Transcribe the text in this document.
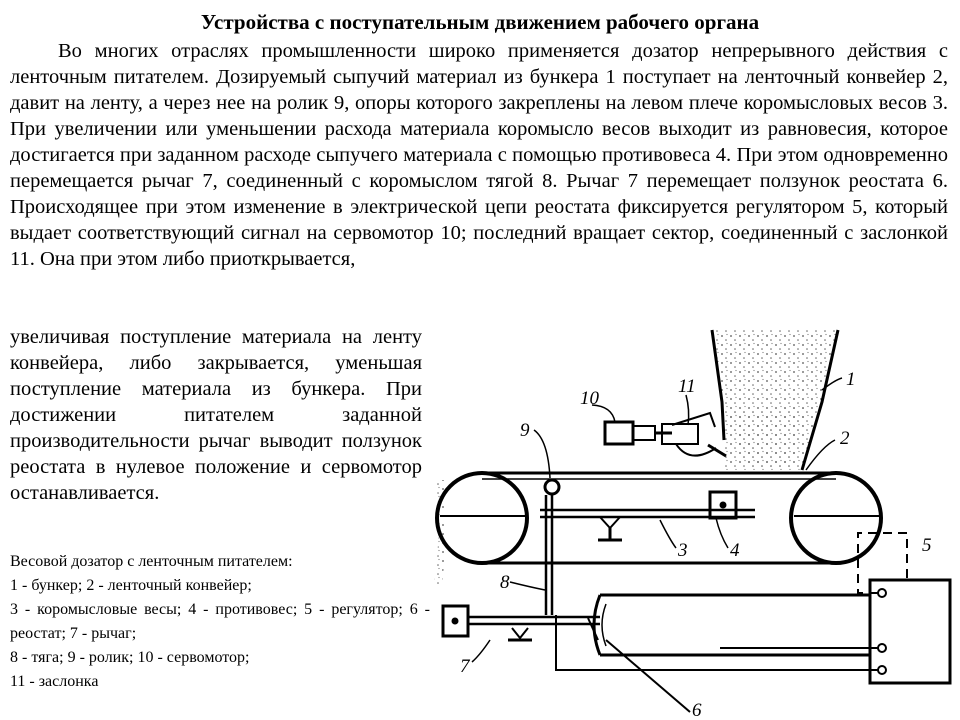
Устройства с поступательным движением рабочего органа

Во многих отраслях промышленности широко применяется дозатор непрерывного действия с ленточным питателем. Дозируемый сыпучий материал из бункера 1 поступает на ленточный конвейер 2, давит на ленту, а через нее на ролик 9, опоры которого закреплены на левом плече коромысловых весов 3. При увеличении или уменьшении расхода материала коромысло весов выходит из равновесия, которое достигается при заданном расходе сыпучего материала с помощью противовеса 4. При этом одновременно перемещается рычаг 7, соединенный с коромыслом тягой 8. Рычаг 7 перемещает ползунок реостата 6. Происходящее при этом изменение в электрической цепи реостата фиксируется регулятором 5, который выдает соответствующий сигнал на сервомотор 10; последний вращает сектор, соединенный с заслонкой 11. Она при этом либо приоткрывается,

увеличивая поступление материала на ленту конвейера, либо закрывается, уменьшая поступление материала из бункера. При достижении питателем заданной производительности рычаг выводит ползунок реостата в нулевое положение и сервомотор останавливается.

Весовой дозатор с ленточным питателем:
1 - бункер; 2 - ленточный конвейер;
3 - коромысловые весы; 4 - противовес; 5 - регулятор; 6 - реостат; 7 - рычаг;
8 - тяга; 9 - ролик; 10 - сервомотор;
11 - заслонка
1
2
3 4	5
6
7
8
9
10
11
